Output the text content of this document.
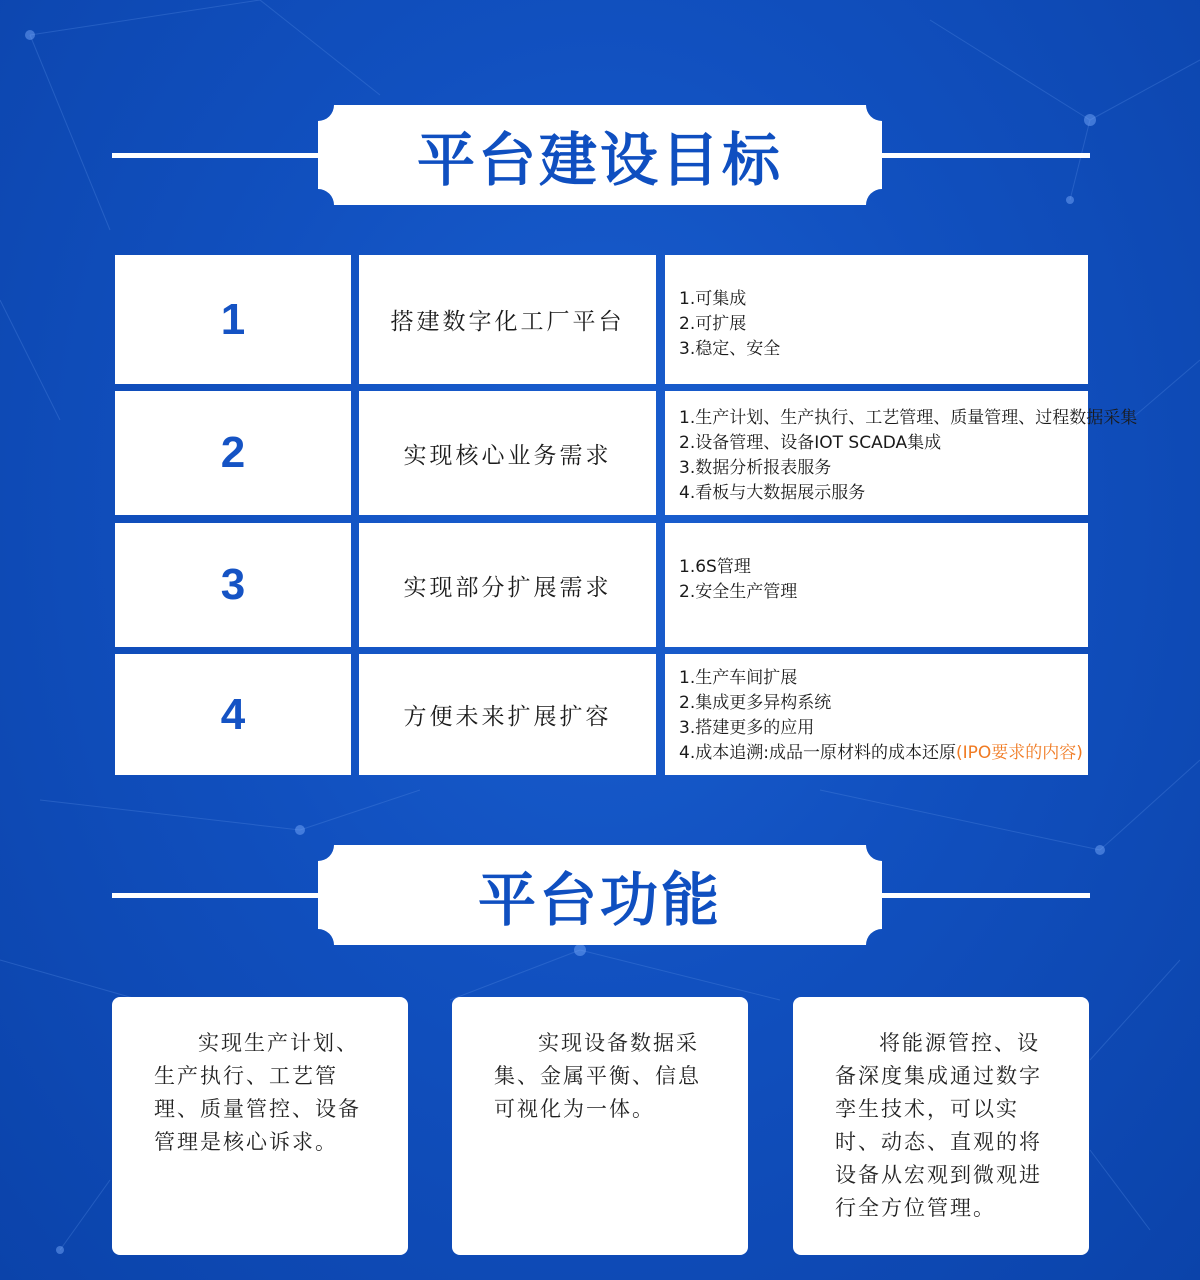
平台建设目标
1	搭建数字化工厂平台
1.可集成
2.可扩展
3.稳定、安全
2	实现核心业务需求
1.生产计划、生产执行、工艺管理、质量管理、过程数据采集
2.设备管理、设备IOT SCADA集成
3.数据分析报表服务
4.看板与大数据展示服务
3	实现部分扩展需求
1.6S管理
2.安全生产管理
4	方便未来扩展扩容
1.生产车间扩展
2.集成更多异构系统
3.搭建更多的应用
4.成本追溯:成品一原材料的成本还原(IPO要求的内容)
平台功能
实现生产计划、生产执行、工艺管理、质量管控、设备管理是核心诉求。
实现设备数据采集、金属平衡、信息可视化为一体。
将能源管控、设备深度集成通过数字孪生技术，可以实时、动态、直观的将设备从宏观到微观进行全方位管理。
